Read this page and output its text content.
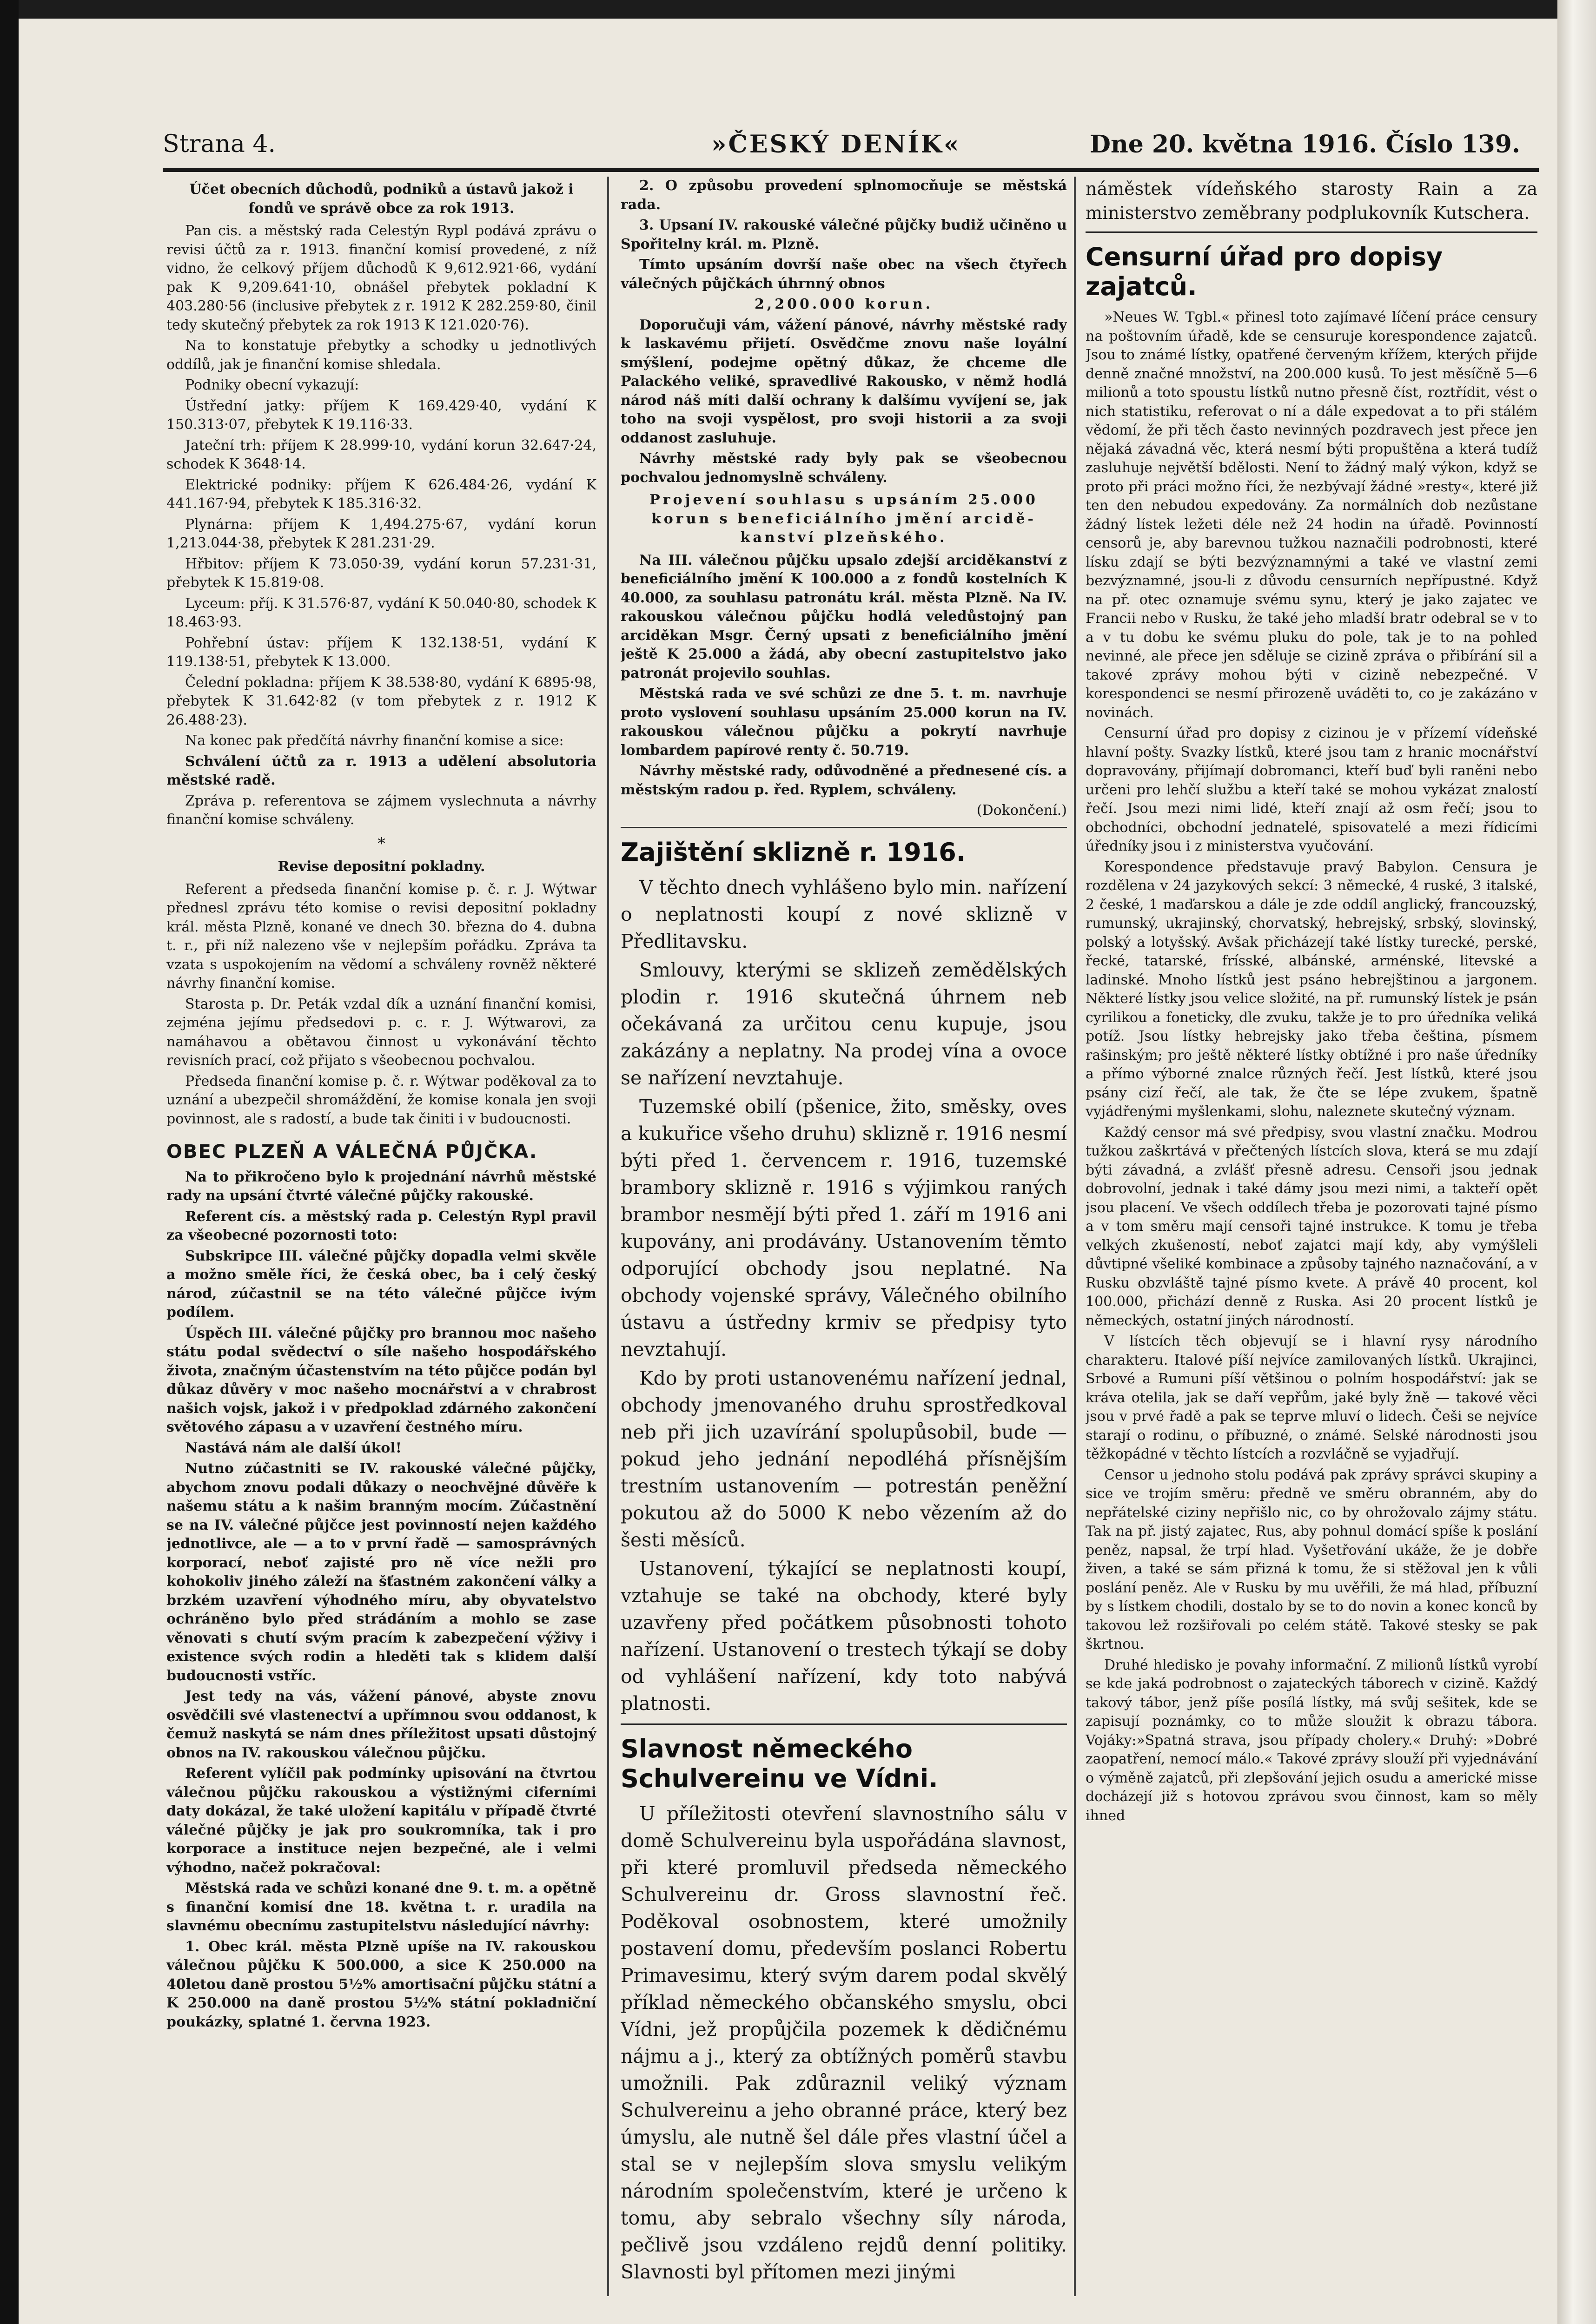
Strana 4.	»ČESKÝ DENÍK«	Dne 20. května 1916. Číslo 139.

Účet obecních důchodů, podniků a ústavů jakož i fondů ve správě obce za rok 1913.

Pan cis. a městský rada Celestýn Rypl podává zprávu o revisi účtů za r. 1913. finanční komisí provedené, z níž vidno, že celkový příjem důchodů K 9,612.921·66, vydání pak K 9,209.641·10, obnášel přebytek pokladní K 403.280·56 (inclusive přebytek z r. 1912 K 282.259·80, činil tedy skutečný přebytek za rok 1913 K 121.020·76).

Na to konstatuje přebytky a schodky u jednotlivých oddílů, jak je finanční komise shledala.

Podniky obecní vykazují:

Ústřední jatky: příjem K 169.429·40, vydání K 150.313·07, přebytek K 19.116·33.

Jateční trh: příjem K 28.999·10, vydání korun 32.647·24, schodek K 3648·14.

Elektrické podniky: příjem K 626.484·26, vydání K 441.167·94, přebytek K 185.316·32.

Plynárna: příjem K 1,494.275·67, vydání korun 1,213.044·38, přebytek K 281.231·29.

Hřbitov: příjem K 73.050·39, vydání korun 57.231·31, přebytek K 15.819·08.

Lyceum: příj. K 31.576·87, vydání K 50.040·80, schodek K 18.463·93.

Pohřební ústav: příjem K 132.138·51, vydání K 119.138·51, přebytek K 13.000.

Čelední pokladna: příjem K 38.538·80, vydání K 6895·98, přebytek K 31.642·82 (v tom přebytek z r. 1912 K 26.488·23).

Na konec pak předčítá návrhy finanční komise a sice:

Schválení účtů za r. 1913 a udělení absolutoria městské radě.

Zpráva p. referentova se zájmem vyslechnuta a návrhy finanční komise schváleny.

*

Revise depositní pokladny.

Referent a předseda finanční komise p. č. r. J. Wýtwar přednesl zprávu této komise o revisi depositní pokladny král. města Plzně, konané ve dnech 30. března do 4. dubna t. r., při níž nalezeno vše v nejlepším pořádku. Zpráva ta vzata s uspokojením na vědomí a schváleny rovněž některé návrhy finanční komise.

Starosta p. Dr. Peták vzdal dík a uznání finanční komisi, zejména jejímu předsedovi p. c. r. J. Wýtwarovi, za namáhavou a obětavou činnost u vykonávání těchto revisních prací, což přijato s všeobecnou pochvalou.

Předseda finanční komise p. č. r. Wýtwar poděkoval za to uznání a ubezpečil shromáždění, že komise konala jen svoji povinnost, ale s radostí, a bude tak činiti i v budoucnosti.

OBEC PLZEŇ A VÁLEČNÁ PŮJČKA.

Na to přikročeno bylo k projednání návrhů městské rady na upsání čtvrté válečné půjčky rakouské.

Referent cís. a městský rada p. Celestýn Rypl pravil za všeobecné pozornosti toto:

Subskripce III. válečné půjčky dopadla velmi skvěle a možno směle říci, že česká obec, ba i celý český národ, zúčastnil se na této válečné půjčce ivým podílem.

Úspěch III. válečné půjčky pro brannou moc našeho státu podal svědectví o síle našeho hospodářského života, značným účastenstvím na této půjčce podán byl důkaz důvěry v moc našeho mocnářství a v chrabrost našich vojsk, jakož i v předpoklad zdárného zakončení světového zápasu a v uzavření čestného míru.

Nastává nám ale další úkol!

Nutno zúčastniti se IV. rakouské válečné půjčky, abychom znovu podali důkazy o neochvějné důvěře k našemu státu a k našim branným mocím. Zúčastnění se na IV. válečné půjčce jest povinností nejen každého jednotlivce, ale — a to v první řadě — samosprávných korporací, neboť zajisté pro ně více nežli pro kohokoliv jiného záleží na šťastném zakončení války a brzkém uzavření výhodného míru, aby obyvatelstvo ochráněno bylo před strádáním a mohlo se zase věnovati s chutí svým pracím k zabezpečení výživy i existence svých rodin a hleděti tak s klidem další budoucnosti vstříc.

Jest tedy na vás, vážení pánové, abyste znovu osvědčili své vlastenectví a upřímnou svou oddanost, k čemuž naskytá se nám dnes příležitost upsati důstojný obnos na IV. rakouskou válečnou půjčku.

Referent vylíčil pak podmínky upisování na čtvrtou válečnou půjčku rakouskou a výstižnými ciferními daty dokázal, že také uložení kapitálu v případě čtvrté válečné půjčky je jak pro soukromníka, tak i pro korporace a instituce nejen bezpečné, ale i velmi výhodno, načež pokračoval:

Městská rada ve schůzi konané dne 9. t. m. a opětně s finanční komisí dne 18. května t. r. uradila na slavnému obecnímu zastupitelstvu následující návrhy:

1. Obec král. města Plzně upíše na IV. rakouskou válečnou půjčku K 500.000, a sice K 250.000 na 40letou daně prostou 5½% amortisační půjčku státní a K 250.000 na daně prostou 5½% státní pokladniční poukázky, splatné 1. června 1923.

2. O způsobu provedení splnomocňuje se městská rada.

3. Upsaní IV. rakouské válečné půjčky budiž učiněno u Spořitelny král. m. Plzně.

Tímto upsáním dovrší naše obec na všech čtyřech válečných půjčkách úhrnný obnos

2,200.000 korun.

Doporučuji vám, vážení pánové, návrhy městské rady k laskavému přijetí. Osvědčme znovu naše loyální smýšlení, podejme opětný důkaz, že chceme dle Palackého veliké, spravedlivé Rakousko, v němž hodlá národ náš míti další ochrany k dalšímu vyvíjení se, jak toho na svoji vyspělost, pro svoji historii a za svoji oddanost zasluhuje.

Návrhy městské rady byly pak se všeobecnou pochvalou jednomyslně schváleny.

Projevení souhlasu s upsáním 25.000 korun s beneficiálního jmění arcidě-kanství plzeňského.

Na III. válečnou půjčku upsalo zdejší arciděkanství z beneficiálního jmění K 100.000 a z fondů kostelních K 40.000, za souhlasu patronátu král. města Plzně. Na IV. rakouskou válečnou půjčku hodlá veledůstojný pan arciděkan Msgr. Černý upsati z beneficiálního jmění ještě K 25.000 a žádá, aby obecní zastupitelstvo jako patronát projevilo souhlas.

Městská rada ve své schůzi ze dne 5. t. m. navrhuje proto vyslovení souhlasu upsáním 25.000 korun na IV. rakouskou válečnou půjčku a pokrytí navrhuje lombardem papírové renty č. 50.719.

Návrhy městské rady, odůvodněné a přednesené cís. a městským radou p. řed. Ryplem, schváleny.

(Dokončení.)

Zajištění sklizně r. 1916.

V těchto dnech vyhlášeno bylo min. nařízení o neplatnosti koupí z nové sklizně v Předlitavsku.

Smlouvy, kterými se sklizeň zemědělských plodin r. 1916 skutečná úhrnem neb očekávaná za určitou cenu kupuje, jsou zakázány a neplatny. Na prodej vína a ovoce se nařízení nevztahuje.

Tuzemské obilí (pšenice, žito, směsky, oves a kukuřice všeho druhu) sklizně r. 1916 nesmí býti před 1. červencem r. 1916, tuzemské brambory sklizně r. 1916 s výjimkou raných brambor nesmějí býti před 1. září m 1916 ani kupovány, ani prodávány. Ustanovením těmto odporující obchody jsou neplatné. Na obchody vojenské správy, Válečného obilního ústavu a ústředny krmiv se předpisy tyto nevztahují.

Kdo by proti ustanovenému nařízení jednal, obchody jmenovaného druhu sprostředkoval neb při jich uzavírání spolupůsobil, bude — pokud jeho jednání nepodléhá přísnějším trestním ustanovením — potrestán peněžní pokutou až do 5000 K nebo vězením až do šesti měsíců.

Ustanovení, týkající se neplatnosti koupí, vztahuje se také na obchody, které byly uzavřeny před počátkem působnosti tohoto nařízení. Ustanovení o trestech týkají se doby od vyhlášení nařízení, kdy toto nabývá platnosti.

Slavnost německého Schulvereinu ve Vídni.

U příležitosti otevření slavnostního sálu v domě Schulvereinu byla uspořádána slavnost, při které promluvil předseda německého Schulvereinu dr. Gross slavnostní řeč. Poděkoval osobnostem, které umožnily postavení domu, především poslanci Robertu Primavesimu, který svým darem podal skvělý příklad německého občanského smyslu, obci Vídni, jež propůjčila pozemek k dědičnému nájmu a j., který za obtížných poměrů stavbu umožnili. Pak zdůraznil veliký význam Schulvereinu a jeho obranné práce, který bez úmyslu, ale nutně šel dále přes vlastní účel a stal se v nejlepším slova smyslu velikým národním společenstvím, které je určeno k tomu, aby sebralo všechny síly národa, pečlivě jsou vzdáleno rejdů denní politiky. Slavnosti byl přítomen mezi jinými

náměstek vídeňského starosty Rain a za ministerstvo zeměbrany podplukovník Kutschera.

Censurní úřad pro dopisy zajatců.

»Neues W. Tgbl.« přinesl toto zajímavé líčení práce censury na poštovním úřadě, kde se censuruje korespondence zajatců. Jsou to známé lístky, opatřené červeným křížem, kterých přijde denně značné množství, na 200.000 kusů. To jest měsíčně 5—6 milionů a toto spoustu lístků nutno přesně číst, roztřídit, vést o nich statistiku, referovat o ní a dále expedovat a to při stálém vědomí, že při těch často nevinných pozdravech jest přece jen nějaká závadná věc, která nesmí býti propuštěna a která tudíž zasluhuje největší bdělosti. Není to žádný malý výkon, když se proto při práci možno říci, že nezbývají žádné »resty«, které již ten den nebudou expedovány. Za normálních dob nezůstane žádný lístek ležeti déle než 24 hodin na úřadě. Povinností censorů je, aby barevnou tužkou naznačili podrobnosti, které lísku zdají se býti bezvýznamnými a také ve vlastní zemi bezvýznamné, jsou-li z důvodu censurních nepřípustné. Když na př. otec oznamuje svému synu, který je jako zajatec ve Francii nebo v Rusku, že také jeho mladší bratr odebral se v to a v tu dobu ke svému pluku do pole, tak je to na pohled nevinné, ale přece jen sděluje se cizině zpráva o přibírání sil a takové zprávy mohou býti v cizině nebezpečné. V korespondenci se nesmí přirozeně uváděti to, co je zakázáno v novinách.

Censurní úřad pro dopisy z cizinou je v přízemí vídeňské hlavní pošty. Svazky lístků, které jsou tam z hranic mocnářství dopravovány, přijímají dobromanci, kteří buď byli raněni nebo určeni pro lehčí službu a kteří také se mohou vykázat znalostí řečí. Jsou mezi nimi lidé, kteří znají až osm řečí; jsou to obchodníci, obchodní jednatelé, spisovatelé a mezi řídicími úředníky jsou i z ministerstva vyučování.

Korespondence představuje pravý Babylon. Censura je rozdělena v 24 jazykových sekcí: 3 německé, 4 ruské, 3 italské, 2 české, 1 maďarskou a dále je zde oddíl anglický, francouzský, rumunský, ukrajinský, chorvatský, hebrejský, srbský, slovinský, polský a lotyšský. Avšak přicházejí také lístky turecké, perské, řecké, tatarské, frísské, albánské, arménské, litevské a ladinské. Mnoho lístků jest psáno hebrejštinou a jargonem. Některé lístky jsou velice složité, na př. rumunský lístek je psán cyrilikou a foneticky, dle zvuku, takže je to pro úředníka veliká potíž. Jsou lístky hebrejsky jako třeba čeština, písmem rašinským; pro ještě některé lístky obtížné i pro naše úředníky a přímo výborné znalce různých řečí. Jest lístků, které jsou psány cizí řečí, ale tak, že čte se lépe zvukem, špatně vyjádřenými myšlenkami, slohu, naleznete skutečný význam.

Každý censor má své předpisy, svou vlastní značku. Modrou tužkou zaškrtává v přečtených lístcích slova, která se mu zdají býti závadná, a zvlášť přesně adresu. Censoři jsou jednak dobrovolní, jednak i také dámy jsou mezi nimi, a takteří opět jsou placení. Ve všech oddílech třeba je pozorovati tajné písmo a v tom směru mají censoři tajné instrukce. K tomu je třeba velkých zkušeností, neboť zajatci mají kdy, aby vymýšleli důvtipné všeliké kombinace a způsoby tajného naznačování, a v Rusku obzvláště tajné písmo kvete. A právě 40 procent, kol 100.000, přichází denně z Ruska. Asi 20 procent lístků je německých, ostatní jiných národností.

V lístcích těch objevují se i hlavní rysy národního charakteru. Italové píší nejvíce zamilovaných lístků. Ukrajinci, Srbové a Rumuni píší většinou o polním hospodářství: jak se kráva otelila, jak se daří vepřům, jaké byly žně — takové věci jsou v prvé řadě a pak se teprve mluví o lidech. Češi se nejvíce starají o rodinu, o příbuzné, o známé. Selské národnosti jsou těžkopádné v těchto lístcích a rozvláčně se vyjadřují.

Censor u jednoho stolu podává pak zprávy správci skupiny a sice ve trojím směru: předně ve směru obranném, aby do nepřátelské ciziny nepřišlo nic, co by ohrožovalo zájmy státu. Tak na př. jistý zajatec, Rus, aby pohnul domácí spíše k poslání peněz, napsal, že trpí hlad. Vyšetřování ukáže, že je dobře živen, a také se sám přizná k tomu, že si stěžoval jen k vůli poslání peněz. Ale v Rusku by mu uvěřili, že má hlad, příbuzní by s lístkem chodili, dostalo by se to do novin a konec konců by takovou lež rozšiřovali po celém státě. Takové stesky se pak škrtnou.

Druhé hledisko je povahy informační. Z milionů lístků vyrobí se kde jaká podrobnost o zajateckých táborech v cizině. Každý takový tábor, jenž píše posílá lístky, má svůj sešitek, kde se zapisují poznámky, co to může sloužit k obrazu tábora. Vojáky:»Spatná strava, jsou případy cholery.« Druhý: »Dobré zaopatření, nemocí málo.« Takové zprávy slouží při vyjednávání o výměně zajatců, při zlepšování jejich osudu a americké misse docházejí již s hotovou zprávou svou činnost, kam so měly ihned
